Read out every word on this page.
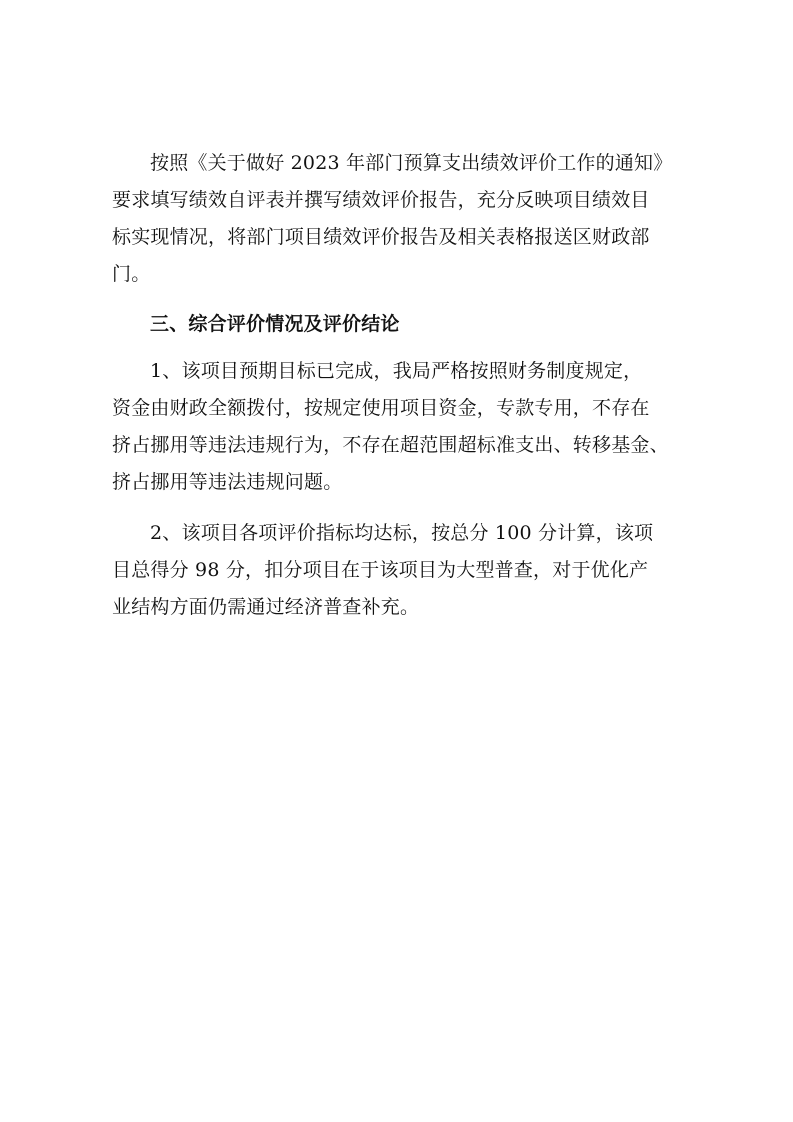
按照《关于做好 2023 年部门预算支出绩效评价工作的通知》
要求填写绩效自评表并撰写绩效评价报告，充分反映项目绩效目
标实现情况，将部门项目绩效评价报告及相关表格报送区财政部
门。
三、综合评价情况及评价结论
1、该项目预期目标已完成，我局严格按照财务制度规定，
资金由财政全额拨付，按规定使用项目资金，专款专用，不存在
挤占挪用等违法违规行为，不存在超范围超标准支出、转移基金、
挤占挪用等违法违规问题。
2、该项目各项评价指标均达标，按总分 100 分计算，该项
目总得分 98 分，扣分项目在于该项目为大型普查，对于优化产
业结构方面仍需通过经济普查补充。
